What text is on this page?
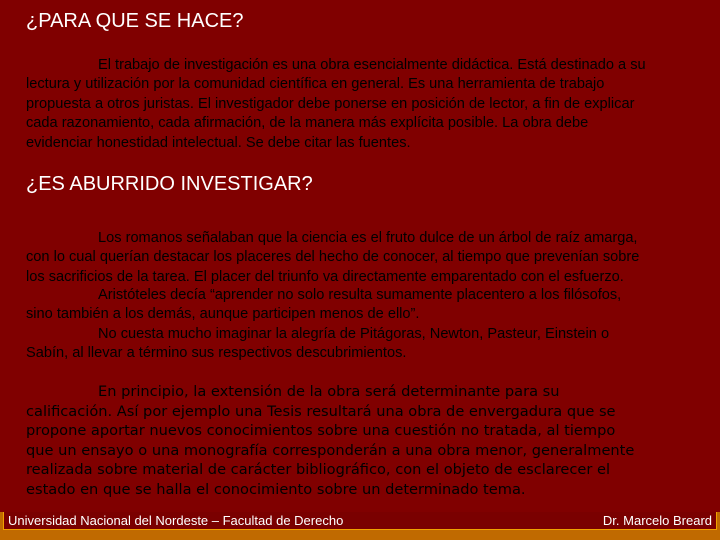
¿PARA QUE SE HACE?

El trabajo de investigación es una obra esencialmente didáctica. Está destinado a su
lectura y utilización por la comunidad científica en general. Es una herramienta de trabajo
propuesta a otros juristas. El investigador debe ponerse en posición de lector, a fin de explicar
cada razonamiento, cada afirmación, de la manera más explícita posible. La obra debe
evidenciar honestidad intelectual. Se debe citar las fuentes.

¿ES ABURRIDO INVESTIGAR?

Los romanos señalaban que la ciencia es el fruto dulce de un árbol de raíz amarga,
con lo cual querían destacar los placeres del hecho de conocer, al tiempo que prevenían sobre
los sacrificios de la tarea. El placer del triunfo va directamente emparentado con el esfuerzo.

Aristóteles decía “aprender no solo resulta sumamente placentero a los filósofos,
sino también a los demás, aunque participen menos de ello”.

No cuesta mucho imaginar la alegría de Pitágoras, Newton, Pasteur, Einstein o
Sabín, al llevar a término sus respectivos descubrimientos.

En principio, la extensión de la obra será determinante para su
calificación. Así por ejemplo una Tesis resultará una obra de envergadura que se
propone aportar nuevos conocimientos sobre una cuestión no tratada, al tiempo
que un ensayo o una monografía corresponderán a una obra menor, generalmente
realizada sobre material de carácter bibliográfico, con el objeto de esclarecer el
estado en que se halla el conocimiento sobre un determinado tema.

Universidad Nacional del Nordeste – Facultad de Derecho	Dr. Marcelo Breard
